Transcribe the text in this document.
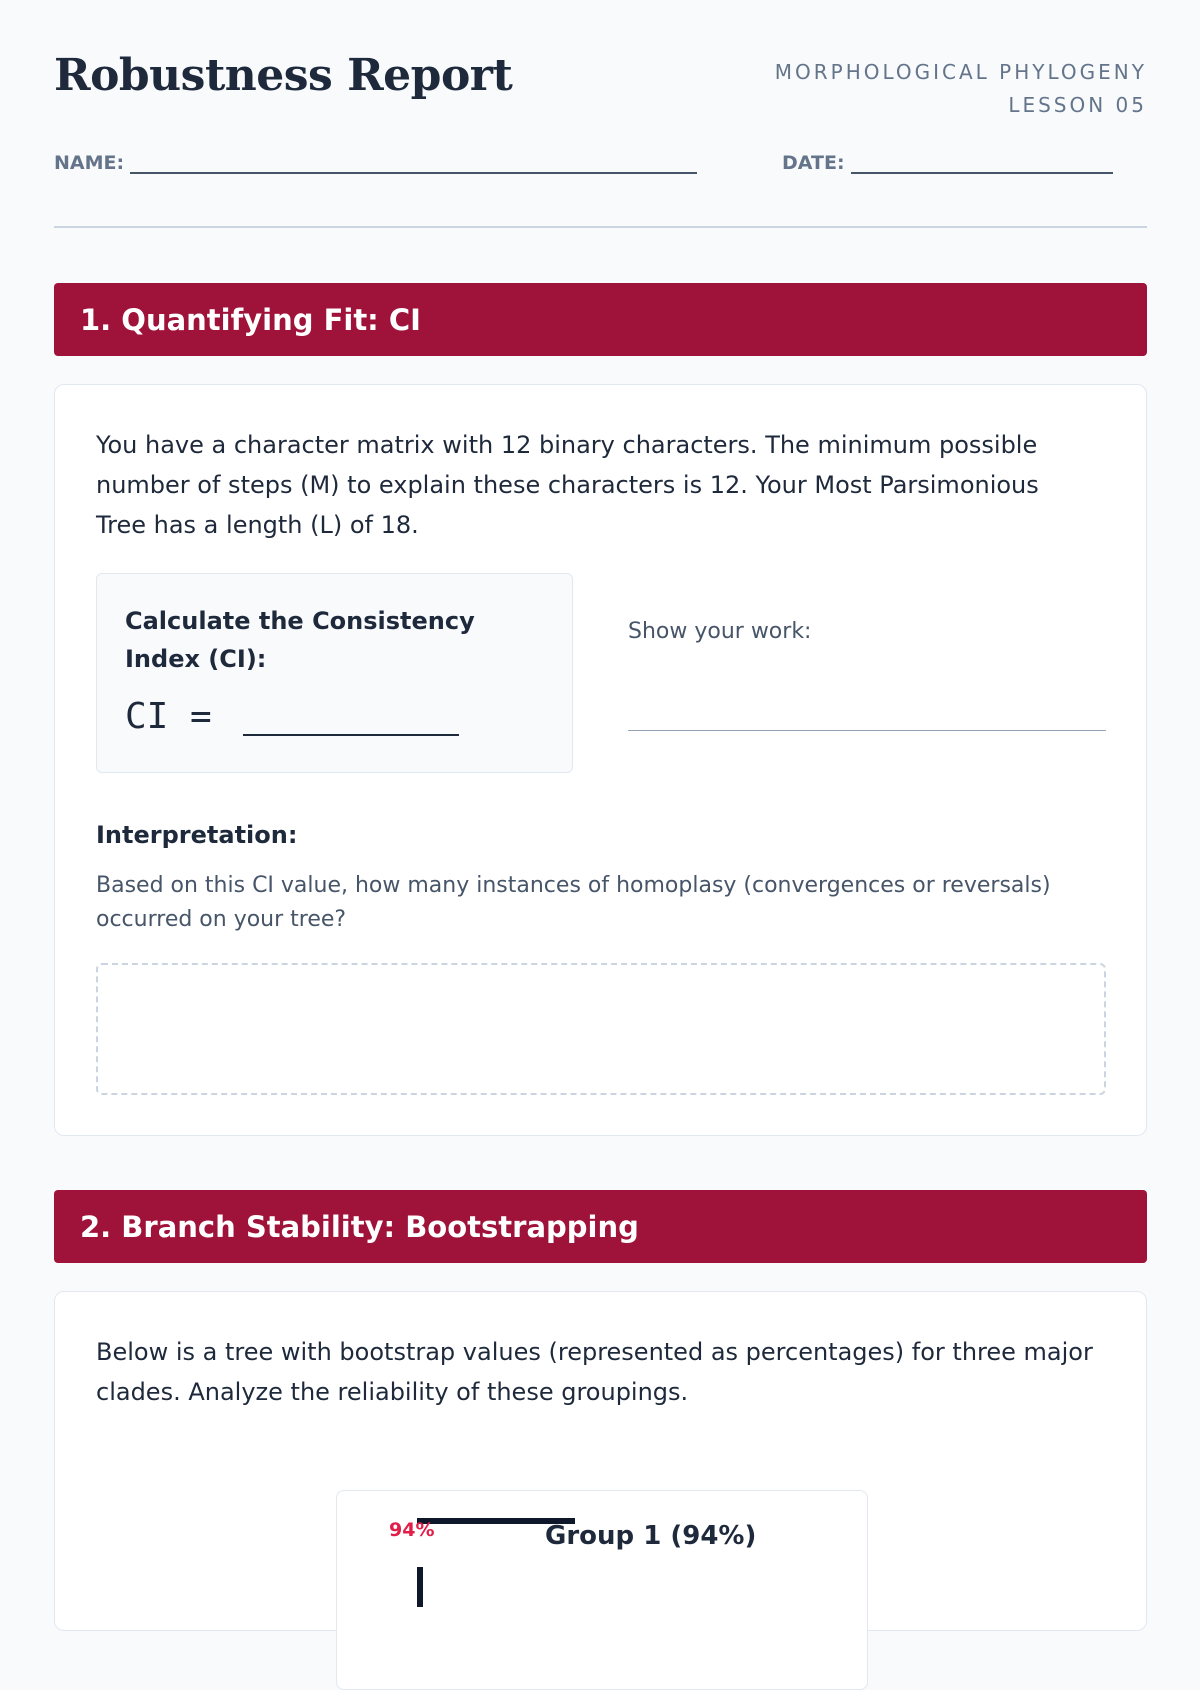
Robustness Report	MORPHOLOGICAL PHYLOGENY
LESSON 05
NAME:	DATE:
1. Quantifying Fit: CI
You have a character matrix with 12 binary characters. The minimum possible number of steps (M) to explain these characters is 12. Your Most Parsimonious Tree has a length (L) of 18.
Calculate the Consistency Index (CI):
CI =
Show your work:
Interpretation:
Based on this CI value, how many instances of homoplasy (convergences or reversals) occurred on your tree?
2. Branch Stability: Bootstrapping
Below is a tree with bootstrap values (represented as percentages) for three major clades. Analyze the reliability of these groupings.
94%	Group 1 (94%)
